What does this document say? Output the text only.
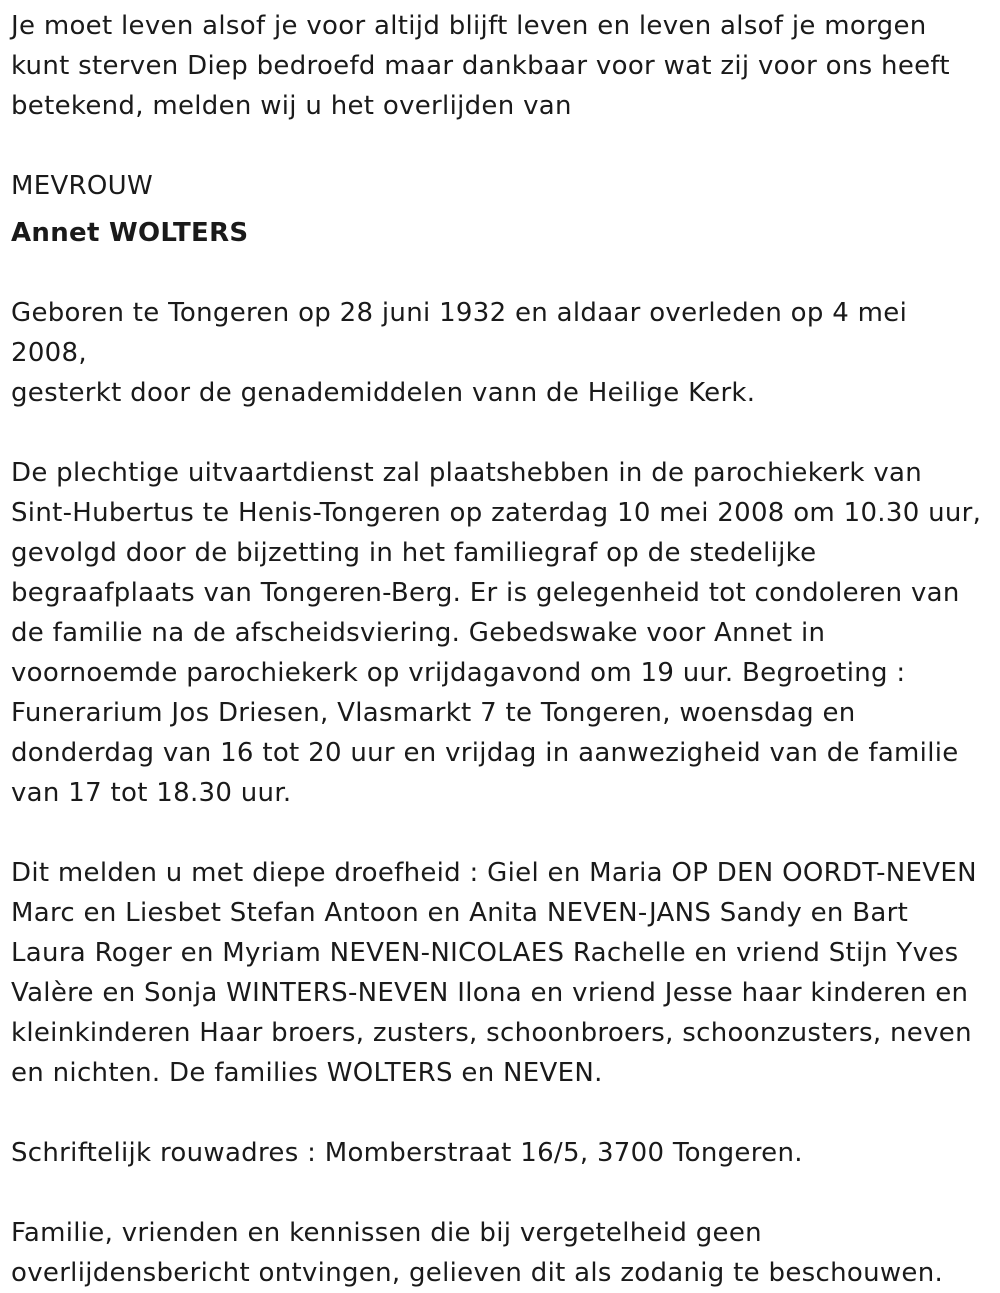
Je moet leven alsof je voor altijd blijft leven en leven alsof je morgen
kunt sterven Diep bedroefd maar dankbaar voor wat zij voor ons heeft
betekend, melden wij u het overlijden van

MEVROUW

Annet WOLTERS

Geboren te Tongeren op 28 juni 1932 en aldaar overleden op 4 mei 2008,
gesterkt door de genademiddelen vann de Heilige Kerk.

De plechtige uitvaartdienst zal plaatshebben in de parochiekerk van
Sint-Hubertus te Henis-Tongeren op zaterdag 10 mei 2008 om 10.30 uur,
gevolgd door de bijzetting in het familiegraf op de stedelijke
begraafplaats van Tongeren-Berg. Er is gelegenheid tot condoleren van
de familie na de afscheidsviering. Gebedswake voor Annet in
voornoemde parochiekerk op vrijdagavond om 19 uur. Begroeting :
Funerarium Jos Driesen, Vlasmarkt 7 te Tongeren, woensdag en
donderdag van 16 tot 20 uur en vrijdag in aanwezigheid van de familie
van 17 tot 18.30 uur.

Dit melden u met diepe droefheid : Giel en Maria OP DEN OORDT-NEVEN
Marc en Liesbet Stefan Antoon en Anita NEVEN-JANS Sandy en Bart
Laura Roger en Myriam NEVEN-NICOLAES Rachelle en vriend Stijn Yves
Valère en Sonja WINTERS-NEVEN Ilona en vriend Jesse haar kinderen en
kleinkinderen Haar broers, zusters, schoonbroers, schoonzusters, neven
en nichten. De families WOLTERS en NEVEN.

Schriftelijk rouwadres : Momberstraat 16/5, 3700 Tongeren.

Familie, vrienden en kennissen die bij vergetelheid geen
overlijdensbericht ontvingen, gelieven dit als zodanig te beschouwen.
